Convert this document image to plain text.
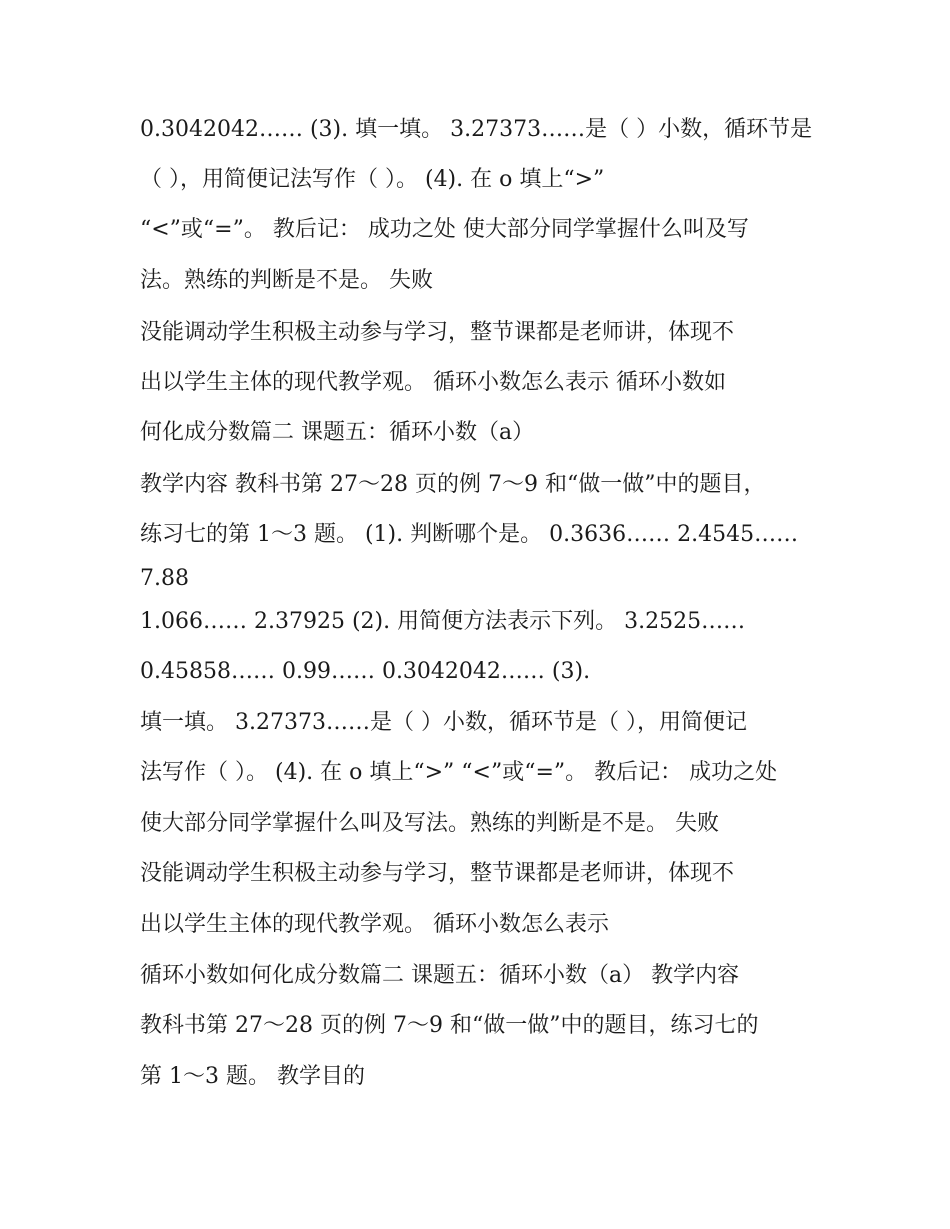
0.3042042…… (3). 填一填。 3.27373……是（ ）小数，循环节是
（ ），用简便记法写作（ ）。 (4). 在 o 填上“>”
“<”或“=”。 教后记： 成功之处 使大部分同学掌握什么叫及写
法。熟练的判断是不是。 失败
没能调动学生积极主动参与学习，整节课都是老师讲，体现不
出以学生主体的现代教学观。 循环小数怎么表示 循环小数如
何化成分数篇二 课题五：循环小数（a）
教学内容 教科书第 27～28 页的例 7～9 和“做一做”中的题目，
练习七的第 1～3 题。 (1). 判断哪个是。 0.3636…… 2.4545……
7.88
1.066…… 2.37925 (2). 用简便方法表示下列。 3.2525……
0.45858…… 0.99…… 0.3042042…… (3).
填一填。 3.27373……是（ ）小数，循环节是（ ），用简便记
法写作（ ）。 (4). 在 o 填上“>” “<”或“=”。 教后记： 成功之处
使大部分同学掌握什么叫及写法。熟练的判断是不是。 失败
没能调动学生积极主动参与学习，整节课都是老师讲，体现不
出以学生主体的现代教学观。 循环小数怎么表示
循环小数如何化成分数篇二 课题五：循环小数（a） 教学内容
教科书第 27～28 页的例 7～9 和“做一做”中的题目，练习七的
第 1～3 题。 教学目的
